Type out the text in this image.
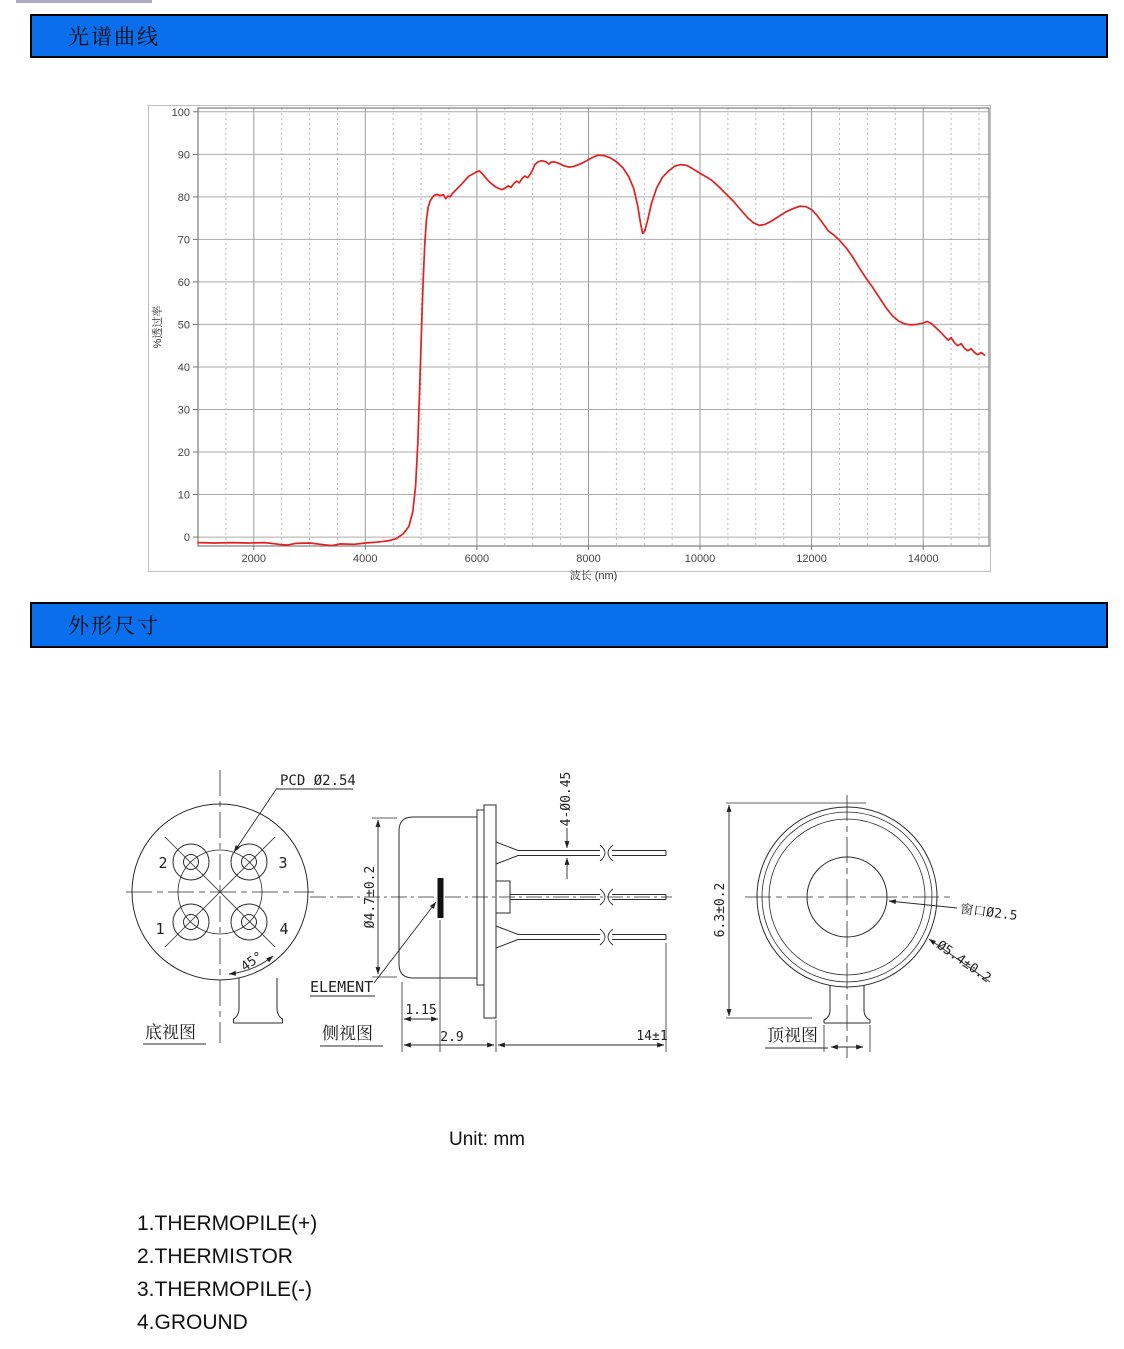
光谱曲线
2000	4000	6000	8000	10000	12000	14000
0
10
20
30
40
50
60
70
80
90
100
波长 (nm)
%透过率
外形尺寸
2	3
1	4
PCD Ø2.54
45°
底视图
ELEMENT
Ø4.7±0.2
4-Ø0.45
1.15
2.9	14±1
侧视图
6.3±0.2	窗口Ø2.5
Ø5.4±0.2
顶视图
Unit: mm
1.THERMOPILE(+)
2.THERMISTOR
3.THERMOPILE(-)
4.GROUND
